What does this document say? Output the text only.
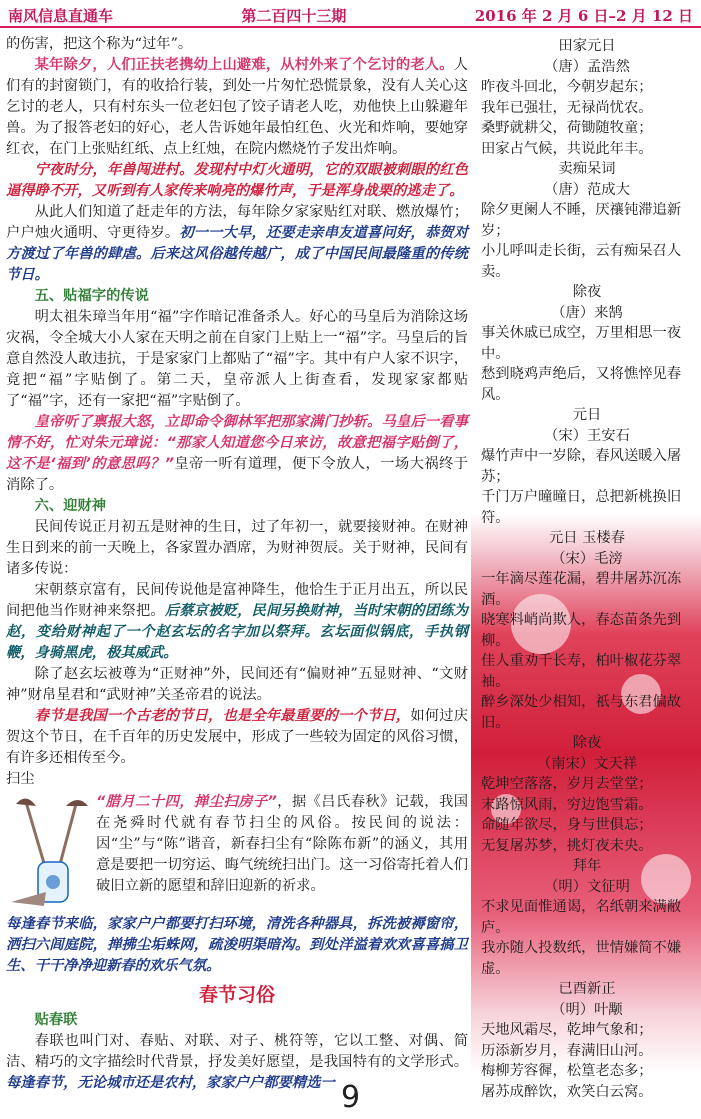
南风信息直通车	第二百四十三期	2016 年 2 月 6 日–2 月 12 日

的伤害，把这个称为“过年”。

某年除夕，人们正扶老携幼上山避难，从村外来了个乞讨的老人。人们有的封窗锁门，有的收拾行装，到处一片匆忙恐慌景象，没有人关心这乞讨的老人，只有村东头一位老妇包了饺子请老人吃，劝他快上山躲避年兽。为了报答老妇的好心，老人告诉她年最怕红色、火光和炸响，要她穿红衣，在门上张贴红纸、点上红烛，在院内燃烧竹子发出炸响。

宁夜时分，年兽闯进村。发现村中灯火通明，它的双眼被刺眼的红色逼得睁不开，又听到有人家传来响亮的爆竹声，于是浑身战栗的逃走了。

从此人们知道了赶走年的方法，每年除夕家家贴红对联、燃放爆竹；户户烛火通明、守更待岁。初一一大早，还要走亲串友道喜问好，恭贺对方渡过了年兽的肆虐。后来这风俗越传越广，成了中国民间最隆重的传统节日。

五、贴福字的传说

明太祖朱璋当年用“福”字作暗记准备杀人。好心的马皇后为消除这场灾祸，令全城大小人家在天明之前在自家门上贴上一“福”字。马皇后的旨意自然没人敢违抗，于是家家门上都贴了“福”字。其中有户人家不识字，竟把“福”字贴倒了。第二天，皇帝派人上街查看，发现家家都贴了“福”字，还有一家把“福”字贴倒了。

皇帝听了禀报大怒，立即命令御林军把那家满门抄斩。马皇后一看事情不好，忙对朱元璋说：“那家人知道您今日来访，故意把福字贴倒了，这不是‘福到’的意思吗？”皇帝一听有道理，便下令放人，一场大祸终于消除了。

六、迎财神

民间传说正月初五是财神的生日，过了年初一，就要接财神。在财神生日到来的前一天晚上，各家置办酒席，为财神贺辰。关于财神，民间有诸多传说：

宋朝蔡京富有，民间传说他是富神降生，他恰生于正月出五，所以民间把他当作财神来祭把。后蔡京被贬，民间另换财神，当时宋朝的团练为赵，变给财神起了一个赵玄坛的名字加以祭拜。玄坛面似锅底，手执钢鞭，身骑黑虎，极其威武。

除了赵玄坛被尊为“正财神”外，民间还有“偏财神”五显财神、“文财神”财帛星君和“武财神”关圣帝君的说法。

春节是我国一个古老的节日，也是全年最重要的一个节日，如何过庆贺这个节日，在千百年的历史发展中，形成了一些较为固定的风俗习惯，有许多还相传至今。

扫尘

“腊月二十四，掸尘扫房子”，据《吕氏春秋》记载，我国在尧舜时代就有春节扫尘的风俗。按民间的说法：因“尘”与“陈”谐音，新春扫尘有“除陈布新”的涵义，其用意是要把一切穷运、晦气统统扫出门。这一习俗寄托着人们破旧立新的愿望和辞旧迎新的祈求。

每逢春节来临，家家户户都要打扫环境，清洗各种器具，拆洗被褥窗帘，洒扫六闾庭院，掸拂尘垢蛛网，疏浚明渠暗沟。到处洋溢着欢欢喜喜搞卫生、干干净净迎新春的欢乐气氛。

春节习俗

贴春联

春联也叫门对、春贴、对联、对子、桃符等，它以工整、对偶、简洁、精巧的文字描绘时代背景，抒发美好愿望，是我国特有的文学形式。每逢春节，无论城市还是农村，家家户户都要精选一

田家元日
（唐）孟浩然
昨夜斗回北，今朝岁起东；
我年已强壮，无禄尚忧农。
桑野就耕父，荷锄随牧童；
田家占气候，共说此年丰。
卖痴呆词
（唐）范成大
除夕更阑人不睡，厌禳钝滞追新岁；
小儿呼叫走长街，云有痴呆召人卖。
除夜
（唐）来鹄
事关休戚已成空，万里相思一夜中。
愁到晓鸡声绝后，又将憔悴见春风。
元日
（宋）王安石
爆竹声中一岁除，春风送暖入屠苏；
千门万户曈曈日，总把新桃换旧符。
元日 玉楼春
（宋）毛滂
一年滴尽莲花漏，碧井屠苏沉冻酒。
晓寒料峭尚欺人，春态苗条先到柳。
佳人重劝千长寿，柏叶椒花芬翠袖。
醉乡深处少相知，祇与东君偏故旧。
除夜
（南宋）文天祥
乾坤空落落，岁月去堂堂；
末路惊风雨，穷边饱雪霜。
命随年欲尽，身与世俱忘；
无复屠苏梦，挑灯夜未央。
拜年
（明）文征明
不求见面惟通谒，名纸朝来满敝庐。
我亦随人投数纸，世情嫌简不嫌虚。
已酉新正
（明）叶颙
天地风霜尽，乾坤气象和；
历添新岁月，春满旧山河。
梅柳芳容徲，松篁老态多；
屠苏成醉饮，欢笑白云窝。
9
